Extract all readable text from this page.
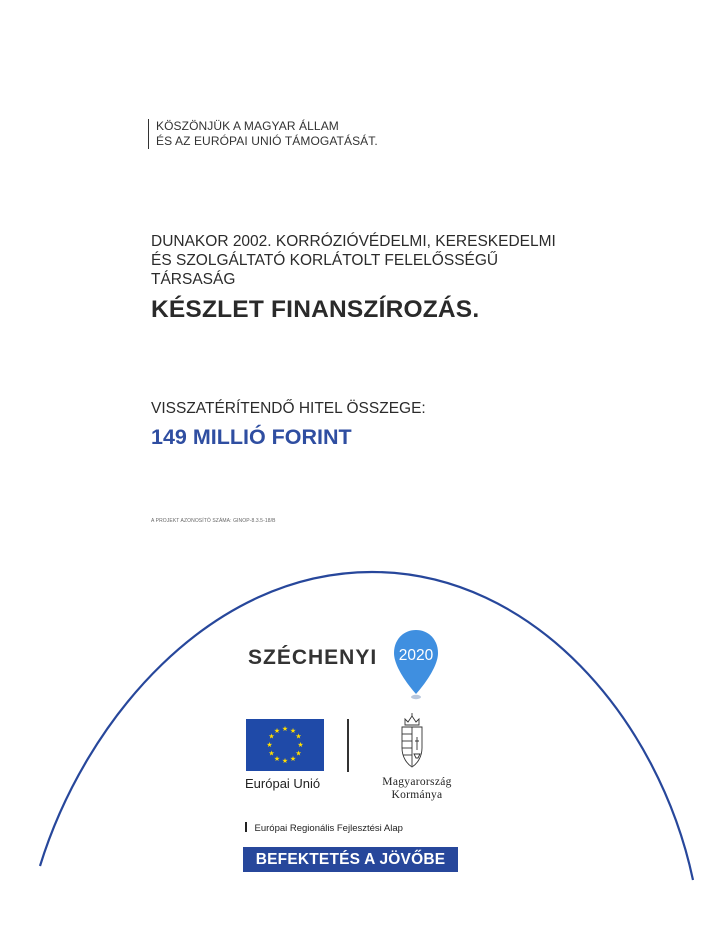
KÖSZÖNJÜK A MAGYAR ÁLLAM
ÉS AZ EURÓPAI UNIÓ TÁMOGATÁSÁT.
DUNAKOR 2002. KORRÓZIÓVÉDELMI, KERESKEDELMI
ÉS SZOLGÁLTATÓ KORLÁTOLT FELELŐSSÉGŰ
TÁRSASÁG
KÉSZLET FINANSZÍROZÁS.
VISSZATÉRÍTENDŐ HITEL ÖSSZEGE:
149 MILLIÓ FORINT
A PROJEKT AZONOSÍTÓ SZÁMA: GINOP-8.3.5-18/B
SZÉCHENYI 2020
★ ★
★
★
★
★
★
★
★
★
★
★
Európai Unió	Magyarország
Kormánya
Európai Regionális Fejlesztési Alap
BEFEKTETÉS A JÖVŐBE
